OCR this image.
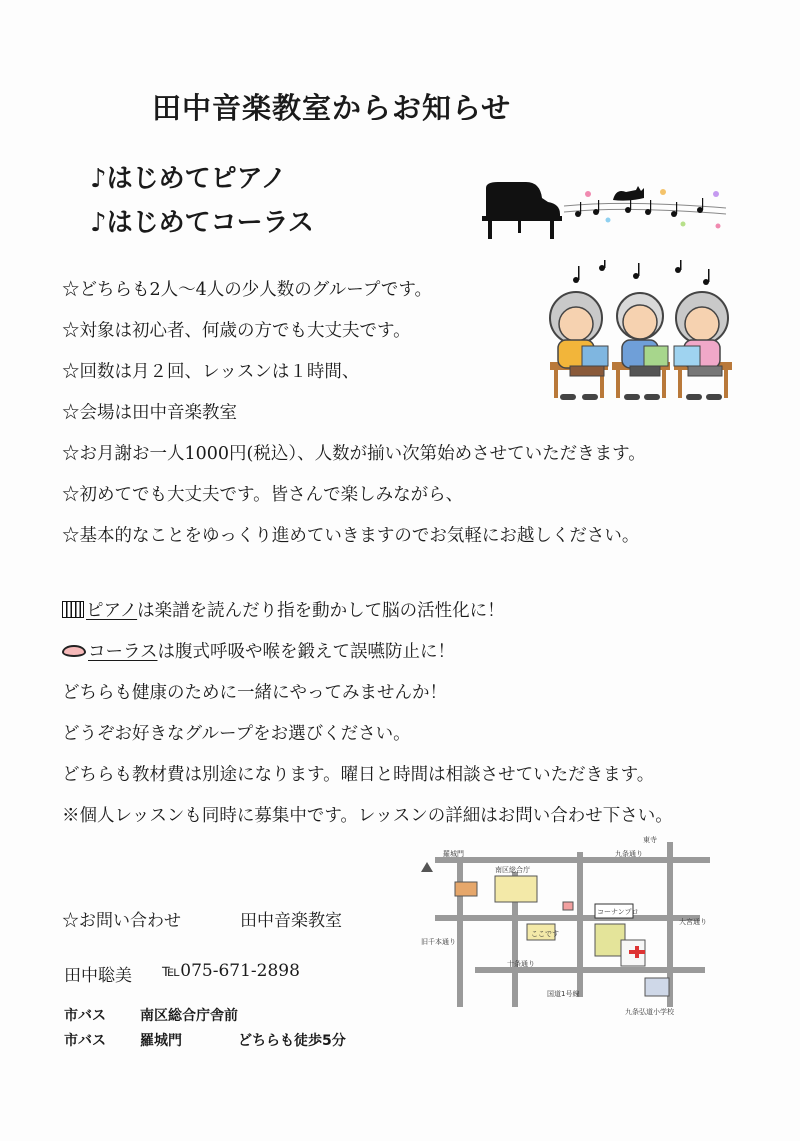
田中音楽教室からお知らせ
♪はじめてピアノ
♪はじめてコーラス
☆どちらも2人～4人の少人数のグループです。
☆対象は初心者、何歳の方でも大丈夫です。
☆回数は月２回、レッスンは１時間、
☆会場は田中音楽教室
☆お月謝お一人1000円(税込）、人数が揃い次第始めさせていただきます。
☆初めてでも大丈夫です。皆さんで楽しみながら、
☆基本的なことをゆっくり進めていきますのでお気軽にお越しください。
ピアノは楽譜を読んだり指を動かして脳の活性化に！
コーラスは腹式呼吸や喉を鍛えて誤嚥防止に！
どちらも健康のために一緒にやってみませんか！
どうぞお好きなグループをお選びください。
どちらも教材費は別途になります。曜日と時間は相談させていただきます。
※個人レッスンも同時に募集中です。レッスンの詳細はお問い合わせ下さい。
羅城門	九条通り
東寺
南区総合庁
コーナンプロ
ここです
大宮通り
旧千本通り
十条通り
国道1号線
九条弘道小学校
☆お問い合わせ	田中音楽教室
田中聡美 ℡075-671-2898
市バス 南区総合庁舎前
市バス 羅城門	どちらも徒歩5分
